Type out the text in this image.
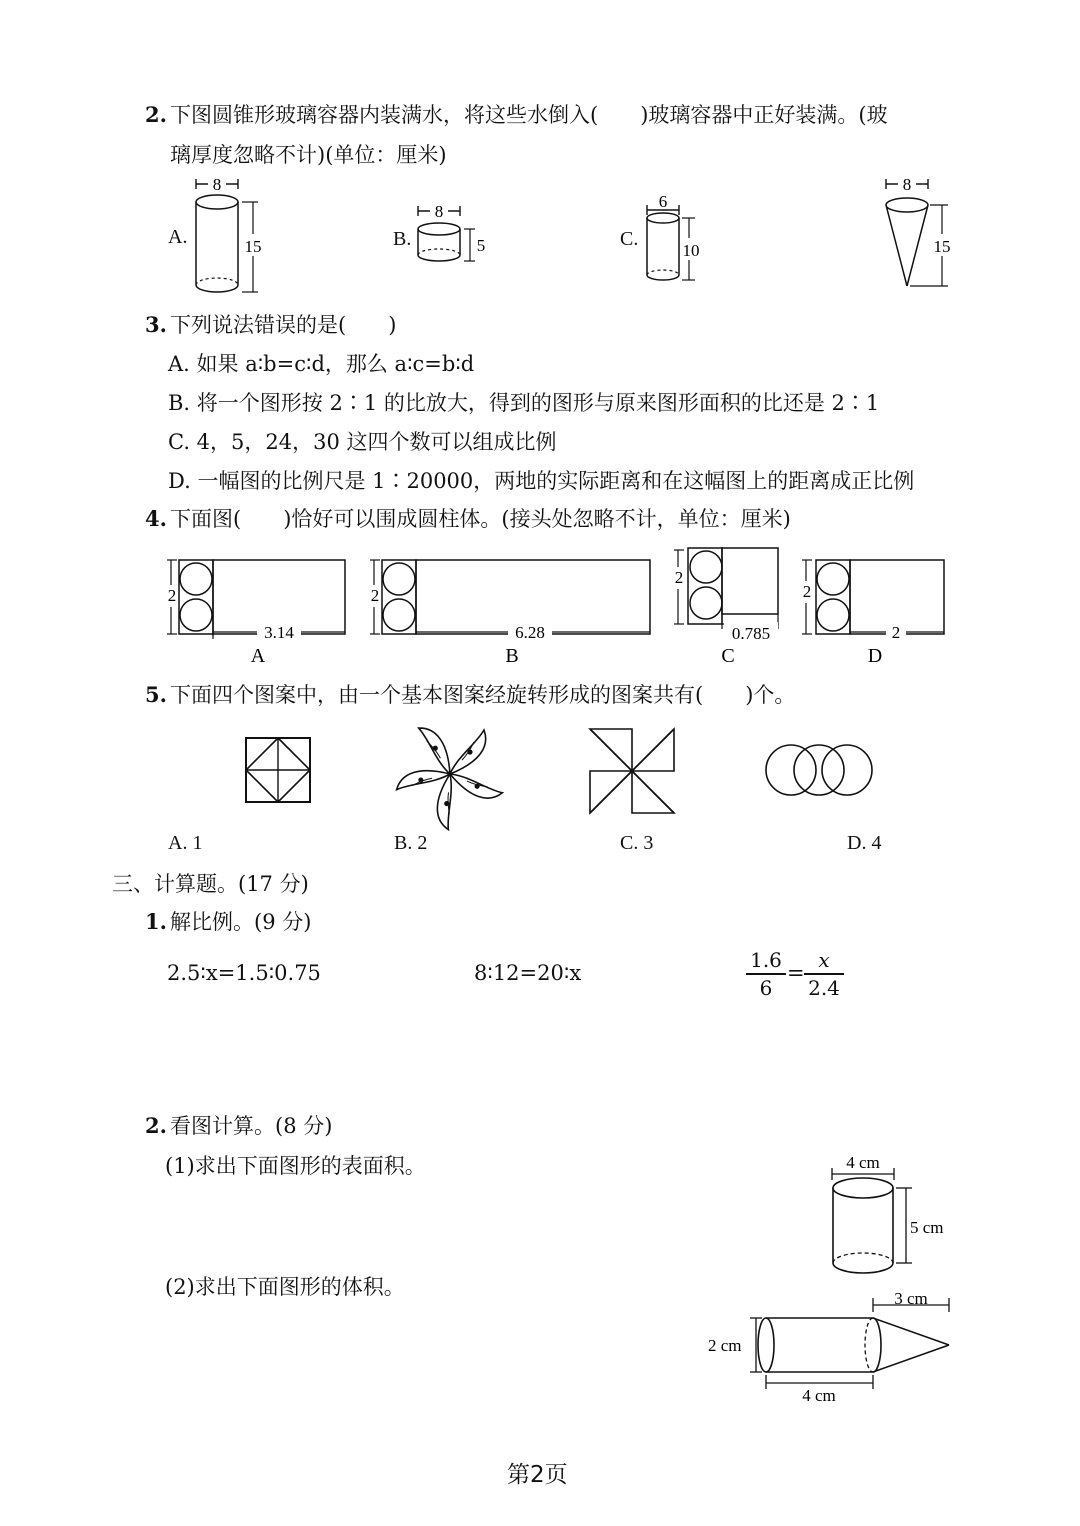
2. 下图圆锥形玻璃容器内装满水，将这些水倒入(　　)玻璃容器中正好装满。(玻
璃厚度忽略不计)(单位：厘米)
A.	B.	C.
8
15
8
5
6
10
8
15
3. 下列说法错误的是(　　)
A. 如果 a∶b=c∶d，那么 a∶c=b∶d
B. 将一个图形按 2∶1 的比放大，得到的图形与原来图形面积的比还是 2∶1
C. 4，5，24，30 这四个数可以组成比例
D. 一幅图的比例尺是 1∶20000，两地的实际距离和在这幅图上的距离成正比例
4. 下面图(　　)恰好可以围成圆柱体。(接头处忽略不计，单位：厘米)
2
3.14
A
2
6.28
B
2
0.785
C
2
2
D
5. 下面四个图案中，由一个基本图案经旋转形成的图案共有(　　)个。
A. 1	B. 2	C. 3	D. 4
三、计算题。(17 分)
1. 解比例。(9 分)
2.5∶x=1.5∶0.75	8∶12=20∶x
1.6
6
=
x
2.4
2. 看图计算。(8 分)
(1)求出下面图形的表面积。
(2)求出下面图形的体积。
4 cm
5 cm
3 cm
2 cm
4 cm
第2页
